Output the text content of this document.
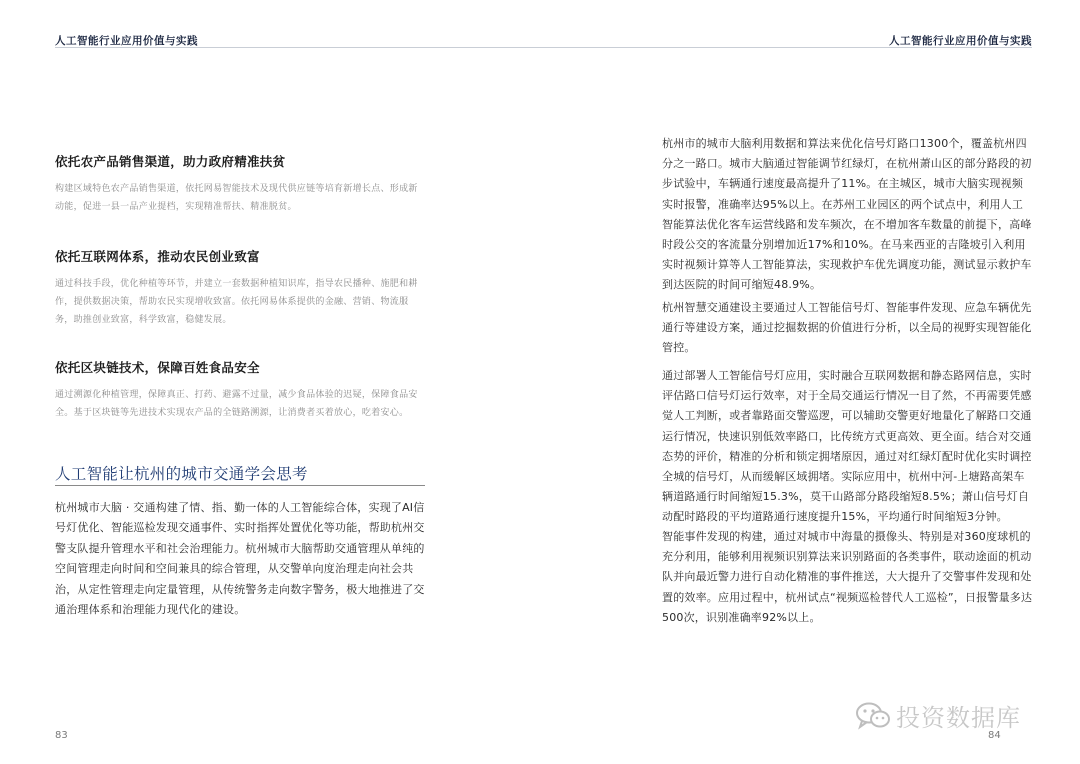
人工智能行业应用价值与实践
依托农产品销售渠道，助力政府精准扶贫

构建区域特色农产品销售渠道，依托网易智能技术及现代供应链等培育新增长点、形成新动能，促进一县一品产业提档，实现精准帮扶、精准脱贫。

依托互联网体系，推动农民创业致富

通过科技手段，优化种植等环节，并建立一套数据种植知识库，指导农民播种、施肥和耕作，提供数据决策，帮助农民实现增收致富。依托网易体系提供的金融、营销、物流服务，助推创业致富，科学致富，稳健发展。

依托区块链技术，保障百姓食品安全

通过溯源化种植管理，保障真正、打药、避露不过量，减少食品体验的迟疑，保障食品安全。基于区块链等先进技术实现农产品的全链路溯源，让消费者买着放心，吃着安心。

人工智能让杭州的城市交通学会思考

杭州城市大脑 · 交通构建了情、指、勤一体的人工智能综合体，实现了AI信号灯优化、智能巡检发现交通事件、实时指挥处置优化等功能，帮助杭州交警支队提升管理水平和社会治理能力。杭州城市大脑帮助交通管理从单纯的空间管理走向时间和空间兼具的综合管理，从交警单向度治理走向社会共治，从定性管理走向定量管理，从传统警务走向数字警务，极大地推进了交通治理体系和治理能力现代化的建设。

83
人工智能行业应用价值与实践

杭州市的城市大脑利用数据和算法来优化信号灯路口1300个，覆盖杭州四分之一路口。城市大脑通过智能调节红绿灯，在杭州萧山区的部分路段的初步试验中，车辆通行速度最高提升了11%。在主城区，城市大脑实现视频实时报警，准确率达95%以上。在苏州工业园区的两个试点中，利用人工智能算法优化客车运营线路和发车频次，在不增加客车数量的前提下，高峰时段公交的客流量分别增加近17%和10%。在马来西亚的吉隆坡引入利用实时视频计算等人工智能算法，实现救护车优先调度功能，测试显示救护车到达医院的时间可缩短48.9%。

杭州智慧交通建设主要通过人工智能信号灯、智能事件发现、应急车辆优先通行等建设方案，通过挖掘数据的价值进行分析，以全局的视野实现智能化管控。

通过部署人工智能信号灯应用，实时融合互联网数据和静态路网信息，实时评估路口信号灯运行效率，对于全局交通运行情况一目了然，不再需要凭感觉人工判断，或者靠路面交警巡逻，可以辅助交警更好地量化了解路口交通运行情况，快速识别低效率路口，比传统方式更高效、更全面。结合对交通态势的评价，精准的分析和锁定拥堵原因，通过对红绿灯配时优化实时调控全城的信号灯，从而缓解区域拥堵。实际应用中，杭州中河-上塘路高架车辆道路通行时间缩短15.3%，莫干山路部分路段缩短8.5%；萧山信号灯自动配时路段的平均道路通行速度提升15%，平均通行时间缩短3分钟。

智能事件发现的构建，通过对城市中海量的摄像头、特别是对360度球机的充分利用，能够利用视频识别算法来识别路面的各类事件，联动途面的机动队并向最近警力进行自动化精准的事件推送，大大提升了交警事件发现和处置的效率。应用过程中，杭州试点“视频巡检替代人工巡检”，日报警量多达500次，识别准确率92%以上。

84
投资数据库
